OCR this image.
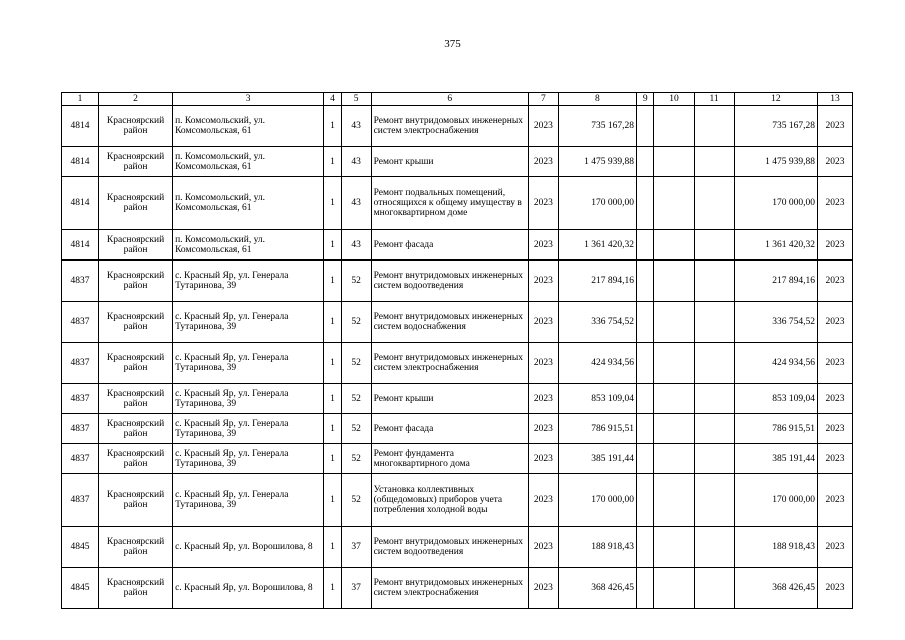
375
1	2	3	4	5	6	7	8	9	10	11	12	13
4814	Красноярский район	п. Комсомольский, ул. Комсомольская, 61	1	43	Ремонт внутридомовых инженерных систем электроснабжения	2023	735 167,28				735 167,28	2023
4814	Красноярский район	п. Комсомольский, ул. Комсомольская, 61	1	43	Ремонт крыши	2023	1 475 939,88				1 475 939,88	2023
4814	Красноярский район	п. Комсомольский, ул. Комсомольская, 61	1	43	Ремонт подвальных помещений, относящихся к общему имуществу в многоквартирном доме	2023	170 000,00				170 000,00	2023
4814	Красноярский район	п. Комсомольский, ул. Комсомольская, 61	1	43	Ремонт фасада	2023	1 361 420,32				1 361 420,32	2023
4837	Красноярский район	с. Красный Яр, ул. Генерала Тутаринова, 39	1	52	Ремонт внутридомовых инженерных систем водоотведения	2023	217 894,16				217 894,16	2023
4837	Красноярский район	с. Красный Яр, ул. Генерала Тутаринова, 39	1	52	Ремонт внутридомовых инженерных систем водоснабжения	2023	336 754,52				336 754,52	2023
4837	Красноярский район	с. Красный Яр, ул. Генерала Тутаринова, 39	1	52	Ремонт внутридомовых инженерных систем электроснабжения	2023	424 934,56				424 934,56	2023
4837	Красноярский район	с. Красный Яр, ул. Генерала Тутаринова, 39	1	52	Ремонт крыши	2023	853 109,04				853 109,04	2023
4837	Красноярский район	с. Красный Яр, ул. Генерала Тутаринова, 39	1	52	Ремонт фасада	2023	786 915,51				786 915,51	2023
4837	Красноярский район	с. Красный Яр, ул. Генерала Тутаринова, 39	1	52	Ремонт фундамента многоквартирного дома	2023	385 191,44				385 191,44	2023
4837	Красноярский район	с. Красный Яр, ул. Генерала Тутаринова, 39	1	52	Установка коллективных (общедомовых) приборов учета потребления холодной воды	2023	170 000,00				170 000,00	2023
4845	Красноярский район	с. Красный Яр, ул. Ворошилова, 8	1	37	Ремонт внутридомовых инженерных систем водоотведения	2023	188 918,43				188 918,43	2023
4845	Красноярский район	с. Красный Яр, ул. Ворошилова, 8	1	37	Ремонт внутридомовых инженерных систем электроснабжения	2023	368 426,45				368 426,45	2023
